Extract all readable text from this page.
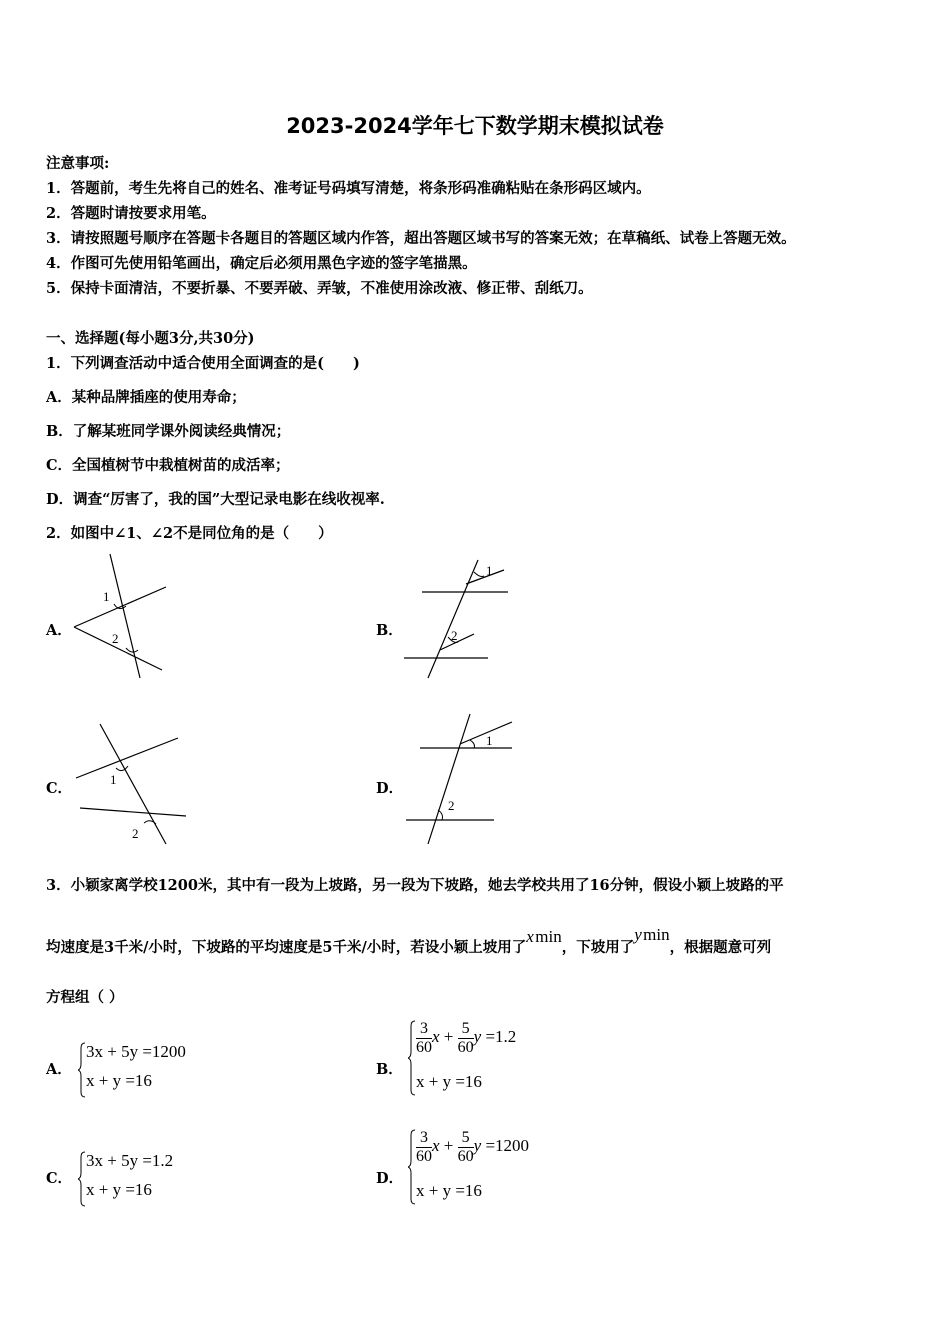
2023-2024学年七下数学期末模拟试卷
注意事项:
1．答题前，考生先将自己的姓名、准考证号码填写清楚，将条形码准确粘贴在条形码区域内。
2．答题时请按要求用笔。
3．请按照题号顺序在答题卡各题目的答题区域内作答，超出答题区域书写的答案无效；在草稿纸、试卷上答题无效。
4．作图可先使用铅笔画出，确定后必须用黑色字迹的签字笔描黑。
5．保持卡面清洁，不要折暴、不要弄破、弄皱，不准使用涂改液、修正带、刮纸刀。
一、选择题(每小题3分,共30分)
1．下列调查活动中适合使用全面调查的是(　　)
A．某种品牌插座的使用寿命；
B．了解某班同学课外阅读经典情况；
C．全国植树节中栽植树苗的成活率；
D．调查“厉害了，我的国”大型记录电影在线收视率.
2．如图中∠1、∠2不是同位角的是（　　）
A．
1
2	B．
1
2
C．
1
2
D．
1
2
3．小颖家离学校1200米，其中有一段为上坡路，另一段为下坡路，她去学校共用了16分钟，假设小颖上坡路的平
均速度是3千米/小时，下坡路的平均速度是5千米/小时，若设小颖上坡用了x min，下坡用了y min，根据题意可列
方程组（ ）
A．
3x + 5y =1200
x + y =16
B．
$\frac{3}{60}$ $x + \frac{5}{60}$ y =1.2
x + y =16
C．
3x + 5y =1.2
x + y =16
D．
$\frac{3}{60}$ $x + \frac{5}{60}$ y =1200
x + y =16
